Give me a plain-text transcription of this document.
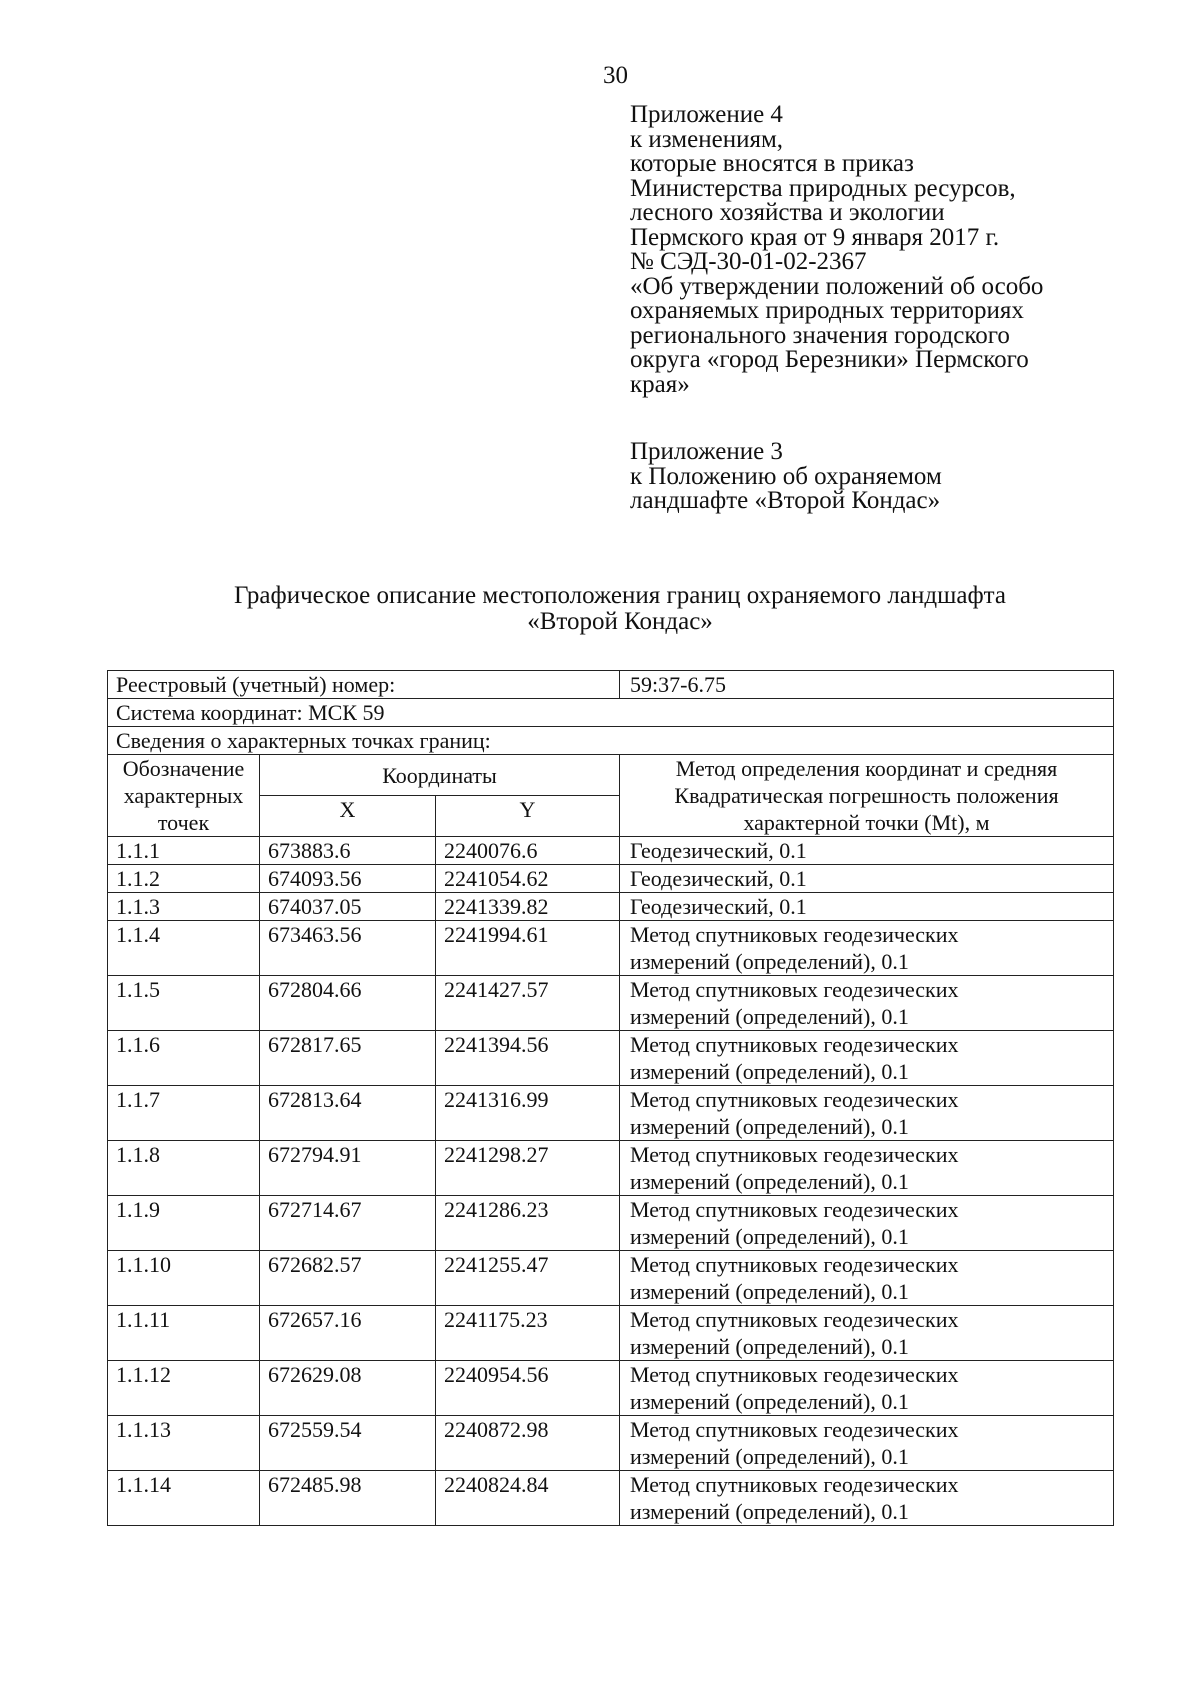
30
Приложение 4
к изменениям,
которые вносятся в приказ
Министерства природных ресурсов,
лесного хозяйства и экологии
Пермского края от 9 января 2017 г.
№ СЭД-30-01-02-2367
«Об утверждении положений об особо
охраняемых природных территориях
регионального значения городского
округа «город Березники» Пермского
края»
Приложение 3
к Положению об охраняемом
ландшафте «Второй Кондас»
Графическое описание местоположения границ охраняемого ландшафта
«Второй Кондас»
Реестровый (учетный) номер:			59:37-6.75
Система координат: МСК 59			
Сведения о характерных точках границ:			
Обозначение характерных точек	Координаты		Метод определения координат и средняя Квадратическая погрешность положения характерной точки (Mt), м
	X	Y	
1.1.1	673883.6	2240076.6	Геодезический, 0.1

1.1.2	674093.56	2241054.62	Геодезический, 0.1

1.1.3	674037.05	2241339.82	Геодезический, 0.1

1.1.4	673463.56	2241994.61	Метод спутниковых геодезических
измерений (определений), 0.1

1.1.5	672804.66	2241427.57	Метод спутниковых геодезических
измерений (определений), 0.1

1.1.6	672817.65	2241394.56	Метод спутниковых геодезических
измерений (определений), 0.1

1.1.7	672813.64	2241316.99	Метод спутниковых геодезических
измерений (определений), 0.1

1.1.8	672794.91	2241298.27	Метод спутниковых геодезических
измерений (определений), 0.1

1.1.9	672714.67	2241286.23	Метод спутниковых геодезических
измерений (определений), 0.1

1.1.10	672682.57	2241255.47	Метод спутниковых геодезических
измерений (определений), 0.1

1.1.11	672657.16	2241175.23	Метод спутниковых геодезических
измерений (определений), 0.1

1.1.12	672629.08	2240954.56	Метод спутниковых геодезических
измерений (определений), 0.1

1.1.13	672559.54	2240872.98	Метод спутниковых геодезических
измерений (определений), 0.1

1.1.14	672485.98	2240824.84	Метод спутниковых геодезических
измерений (определений), 0.1
